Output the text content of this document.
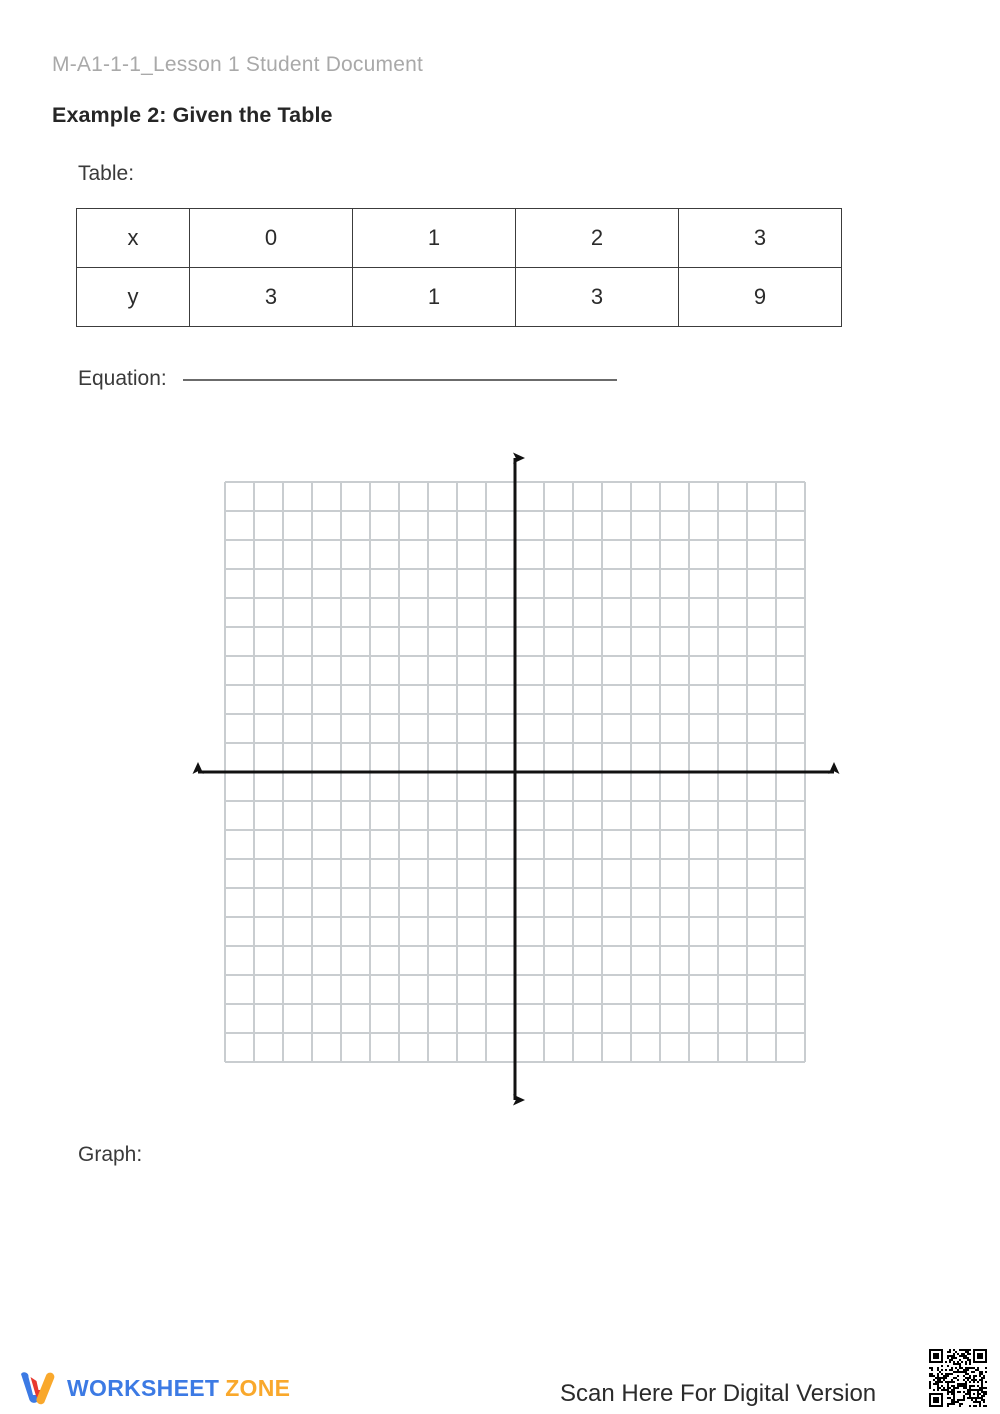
M-A1-1-1_Lesson 1 Student Document
Example 2: Given the Table
Table:
x	0	1	2	3
y	3	1	3	9
Equation:
Graph:
WORKSHEET ZONE	Scan Here For Digital Version
